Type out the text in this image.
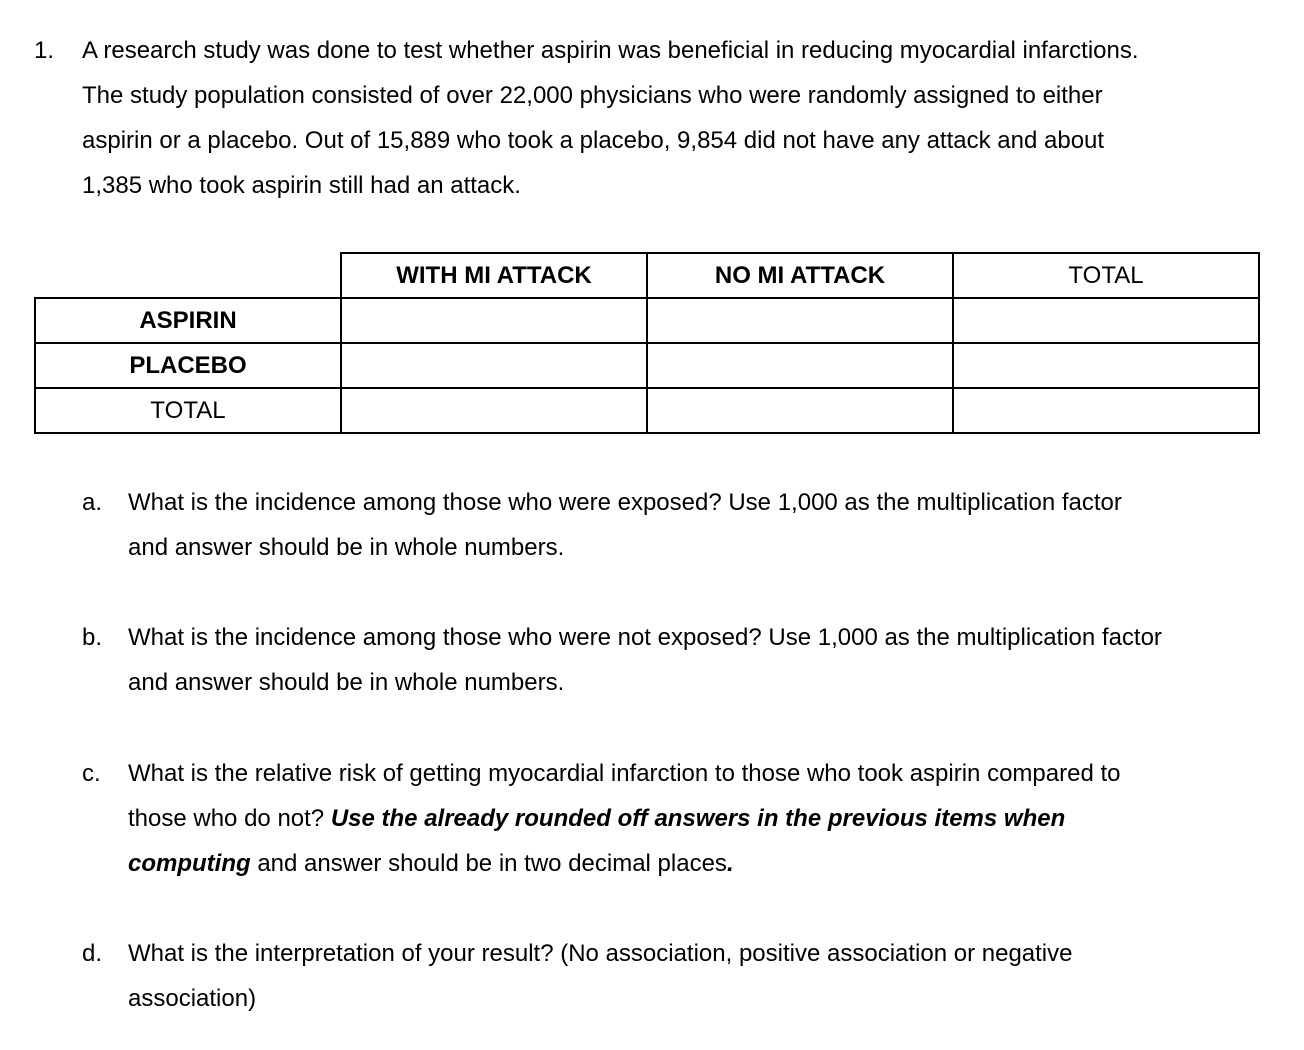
1. A research study was done to test whether aspirin was beneficial in reducing myocardial infarctions.

The study population consisted of over 22,000 physicians who were randomly assigned to either

aspirin or a placebo. Out of 15,889 who took a placebo, 9,854 did not have any attack and about

1,385 who took aspirin still had an attack.

	WITH MI ATTACK	NO MI ATTACK	TOTAL
ASPIRIN			
PLACEBO			
TOTAL			
a. What is the incidence among those who were exposed? Use 1,000 as the multiplication factor

and answer should be in whole numbers.

b. What is the incidence among those who were not exposed? Use 1,000 as the multiplication factor

and answer should be in whole numbers.

c. What is the relative risk of getting myocardial infarction to those who took aspirin compared to

those who do not? Use the already rounded off answers in the previous items when

computing and answer should be in two decimal places.

d. What is the interpretation of your result? (No association, positive association or negative

association)
